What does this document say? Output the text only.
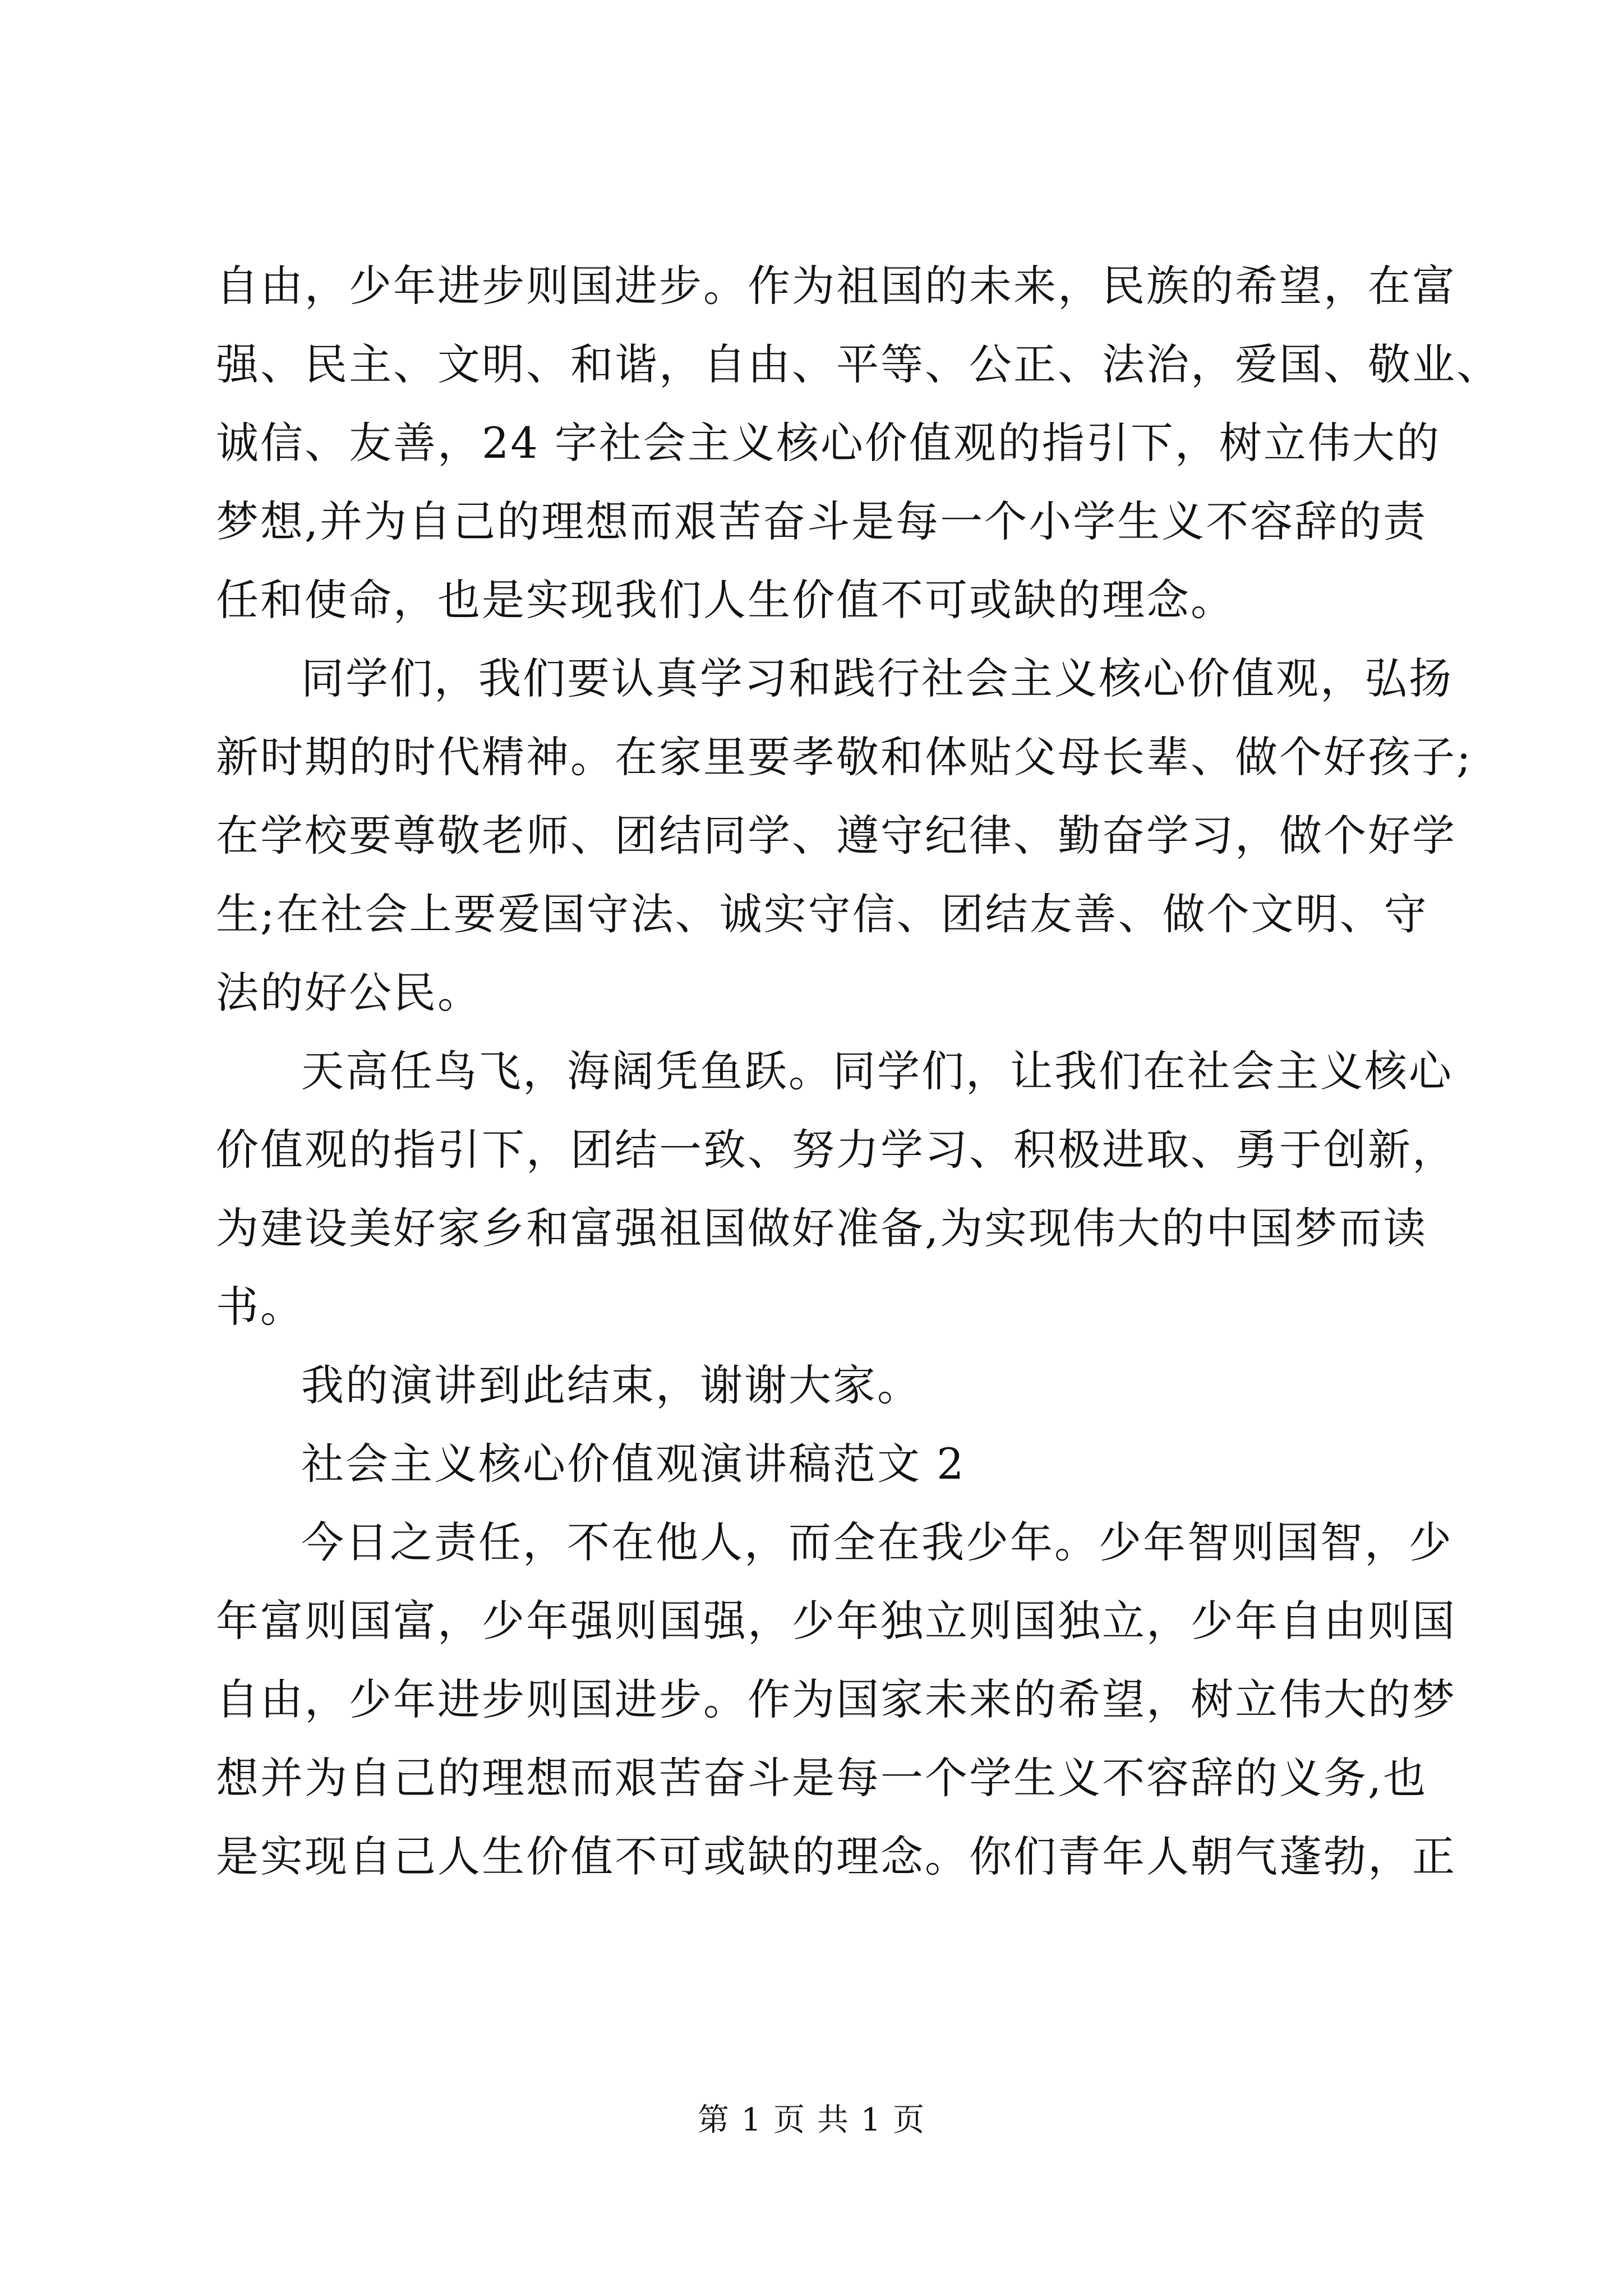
自由，少年进步则国进步。作为祖国的未来，民族的希望，在富
强、民主、文明、和谐，自由、平等、公正、法治，爱国、敬业、
诚信、友善，24 字社会主义核心价值观的指引下，树立伟大的
梦想,并为自己的理想而艰苦奋斗是每一个小学生义不容辞的责
任和使命，也是实现我们人生价值不可或缺的理念。
同学们，我们要认真学习和践行社会主义核心价值观，弘扬
新时期的时代精神。在家里要孝敬和体贴父母长辈、做个好孩子;
在学校要尊敬老师、团结同学、遵守纪律、勤奋学习，做个好学
生;在社会上要爱国守法、诚实守信、团结友善、做个文明、守
法的好公民。
天高任鸟飞，海阔凭鱼跃。同学们，让我们在社会主义核心
价值观的指引下，团结一致、努力学习、积极进取、勇于创新，
为建设美好家乡和富强祖国做好准备,为实现伟大的中国梦而读
书。
我的演讲到此结束，谢谢大家。
社会主义核心价值观演讲稿范文 2
今日之责任，不在他人，而全在我少年。少年智则国智，少
年富则国富，少年强则国强，少年独立则国独立，少年自由则国
自由，少年进步则国进步。作为国家未来的希望，树立伟大的梦
想并为自己的理想而艰苦奋斗是每一个学生义不容辞的义务,也
是实现自己人生价值不可或缺的理念。你们青年人朝气蓬勃，正
第 1 页 共 1 页
